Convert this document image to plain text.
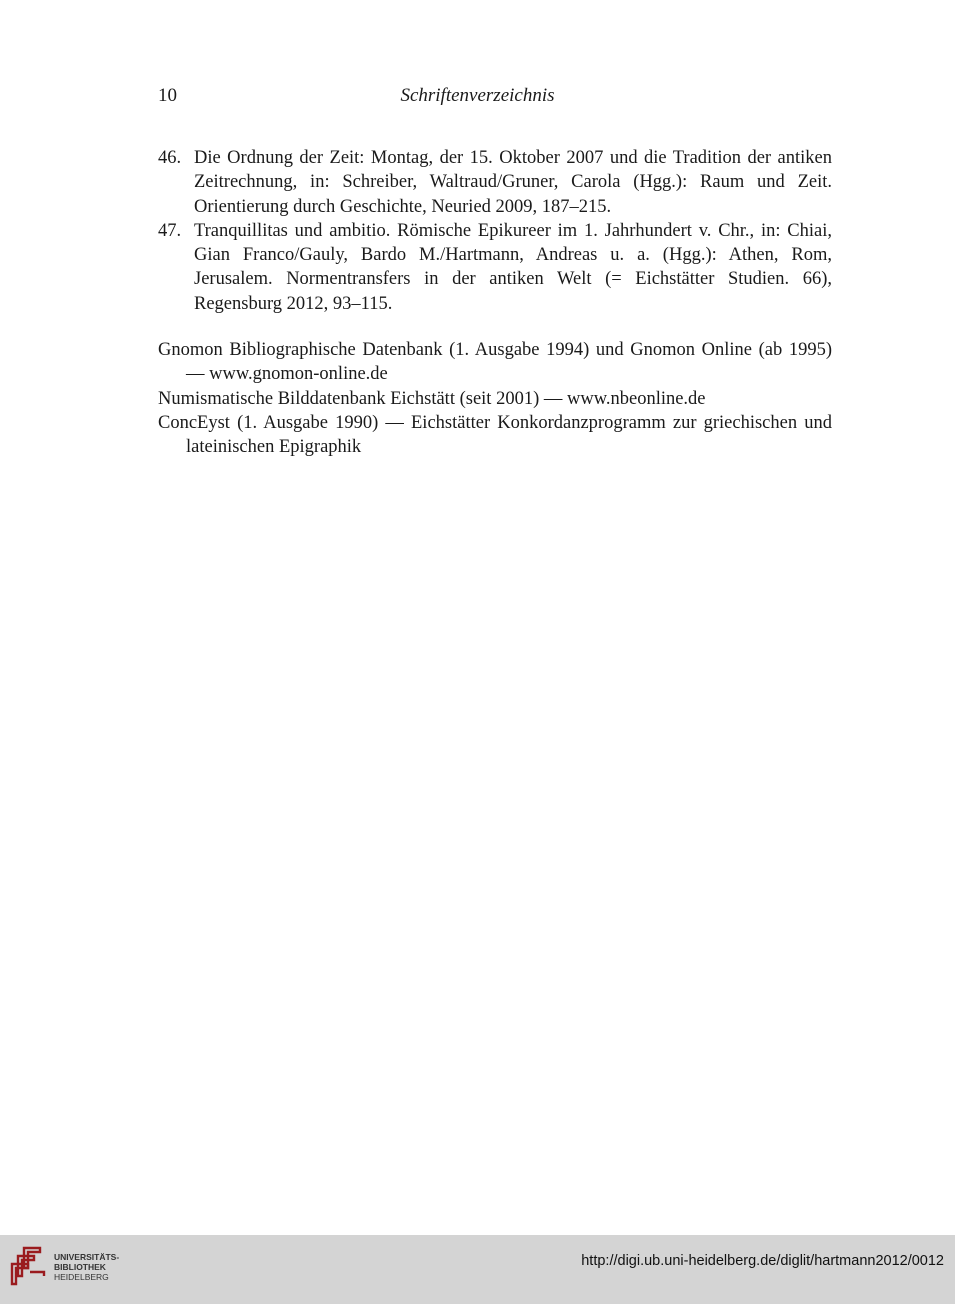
10	Schriftenverzeichnis

46. Die Ordnung der Zeit: Montag, der 15. Oktober 2007 und die Tradition der antiken Zeitrechnung, in: Schreiber, Waltraud/Gruner, Carola (Hgg.): Raum und Zeit. Orientierung durch Geschichte, Neuried 2009, 187–215.

47. Tranquillitas und ambitio. Römische Epikureer im 1. Jahrhundert v. Chr., in: Chiai, Gian Franco/Gauly, Bardo M./Hartmann, Andreas u. a. (Hgg.): Athen, Rom, Jerusalem. Normentransfers in der antiken Welt (= Eichstätter Studien. 66), Regensburg 2012, 93–115.

Gnomon Bibliographische Datenbank (1. Ausgabe 1994) und Gnomon Online (ab 1995) — www.gnomon-online.de

Numismatische Bilddatenbank Eichstätt (seit 2001) — www.nbeonline.de

ConcEyst (1. Ausgabe 1990) — Eichstätter Konkordanzprogramm zur griechischen und lateinischen Epigraphik

UNIVERSITÄTS-
BIBLIOTHEK
HEIDELBERG
http://digi.ub.uni-heidelberg.de/diglit/hartmann2012/0012
